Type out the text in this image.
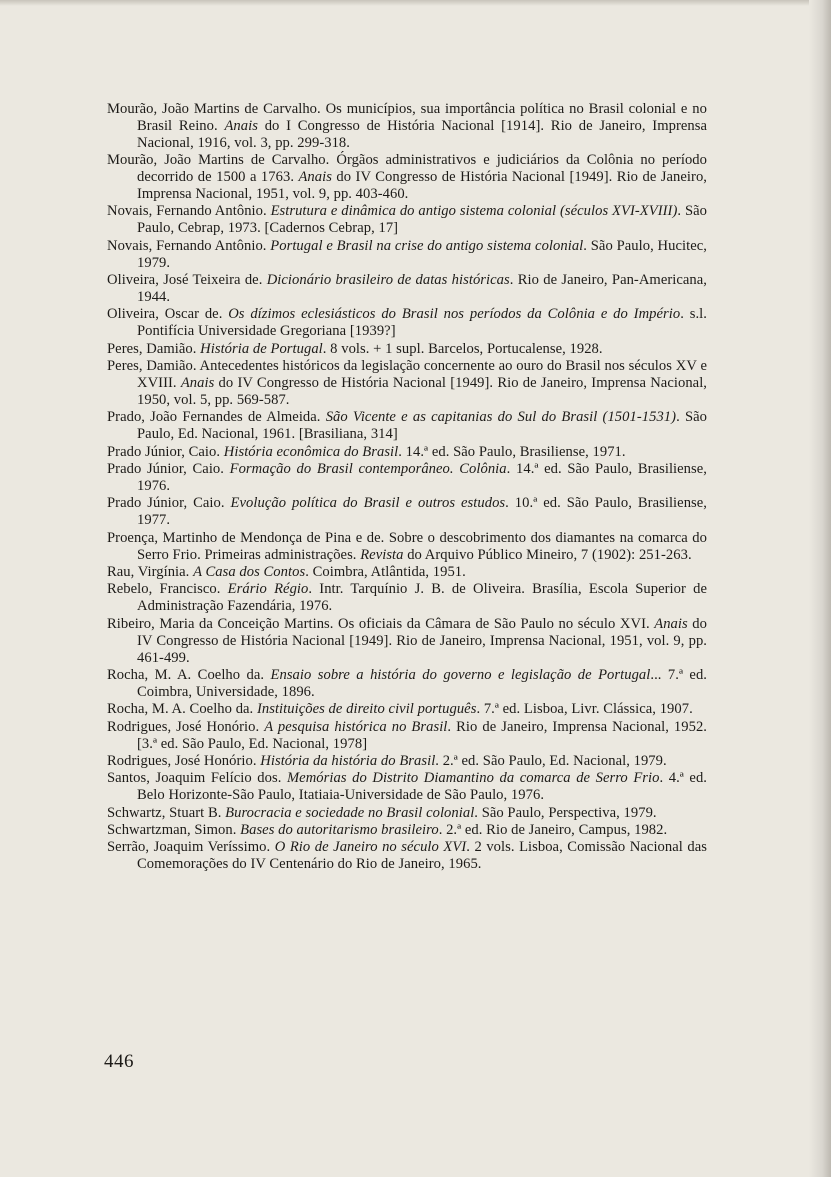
Mourão, João Martins de Carvalho. Os municípios, sua importância política no Brasil colonial e no Brasil Reino. Anais do I Congresso de História Nacional [1914]. Rio de Janeiro, Imprensa Nacional, 1916, vol. 3, pp. 299-318.

Mourão, João Martins de Carvalho. Órgãos administrativos e judiciários da Colônia no período decorrido de 1500 a 1763. Anais do IV Congresso de História Nacional [1949]. Rio de Janeiro, Imprensa Nacional, 1951, vol. 9, pp. 403-460.

Novais, Fernando Antônio. Estrutura e dinâmica do antigo sistema colonial (séculos XVI-XVIII). São Paulo, Cebrap, 1973. [Cadernos Cebrap, 17]

Novais, Fernando Antônio. Portugal e Brasil na crise do antigo sistema colonial. São Paulo, Hucitec, 1979.

Oliveira, José Teixeira de. Dicionário brasileiro de datas históricas. Rio de Janeiro, Pan-Americana, 1944.

Oliveira, Oscar de. Os dízimos eclesiásticos do Brasil nos períodos da Colônia e do Império. s.l. Pontifícia Universidade Gregoriana [1939?]

Peres, Damião. História de Portugal. 8 vols. + 1 supl. Barcelos, Portucalense, 1928.

Peres, Damião. Antecedentes históricos da legislação concernente ao ouro do Brasil nos séculos XV e XVIII. Anais do IV Congresso de História Nacional [1949]. Rio de Janeiro, Imprensa Nacional, 1950, vol. 5, pp. 569-587.

Prado, João Fernandes de Almeida. São Vicente e as capitanias do Sul do Brasil (1501-1531). São Paulo, Ed. Nacional, 1961. [Brasiliana, 314]

Prado Júnior, Caio. História econômica do Brasil. 14.ª ed. São Paulo, Brasiliense, 1971.

Prado Júnior, Caio. Formação do Brasil contemporâneo. Colônia. 14.ª ed. São Paulo, Brasiliense, 1976.

Prado Júnior, Caio. Evolução política do Brasil e outros estudos. 10.ª ed. São Paulo, Brasiliense, 1977.

Proença, Martinho de Mendonça de Pina e de. Sobre o descobrimento dos diamantes na comarca do Serro Frio. Primeiras administrações. Revista do Arquivo Público Mineiro, 7 (1902): 251-263.

Rau, Virgínia. A Casa dos Contos. Coimbra, Atlântida, 1951.

Rebelo, Francisco. Erário Régio. Intr. Tarquínio J. B. de Oliveira. Brasília, Escola Superior de Administração Fazendária, 1976.

Ribeiro, Maria da Conceição Martins. Os oficiais da Câmara de São Paulo no século XVI. Anais do IV Congresso de História Nacional [1949]. Rio de Janeiro, Imprensa Nacional, 1951, vol. 9, pp. 461-499.

Rocha, M. A. Coelho da. Ensaio sobre a história do governo e legislação de Portugal... 7.ª ed. Coimbra, Universidade, 1896.

Rocha, M. A. Coelho da. Instituições de direito civil português. 7.ª ed. Lisboa, Livr. Clássica, 1907.

Rodrigues, José Honório. A pesquisa histórica no Brasil. Rio de Janeiro, Imprensa Nacional, 1952. [3.ª ed. São Paulo, Ed. Nacional, 1978]

Rodrigues, José Honório. História da história do Brasil. 2.ª ed. São Paulo, Ed. Nacional, 1979.

Santos, Joaquim Felício dos. Memórias do Distrito Diamantino da comarca de Serro Frio. 4.ª ed. Belo Horizonte-São Paulo, Itatiaia-Universidade de São Paulo, 1976.

Schwartz, Stuart B. Burocracia e sociedade no Brasil colonial. São Paulo, Perspectiva, 1979.

Schwartzman, Simon. Bases do autoritarismo brasileiro. 2.ª ed. Rio de Janeiro, Campus, 1982.

Serrão, Joaquim Veríssimo. O Rio de Janeiro no século XVI. 2 vols. Lisboa, Comissão Nacional das Comemorações do IV Centenário do Rio de Janeiro, 1965.

446
